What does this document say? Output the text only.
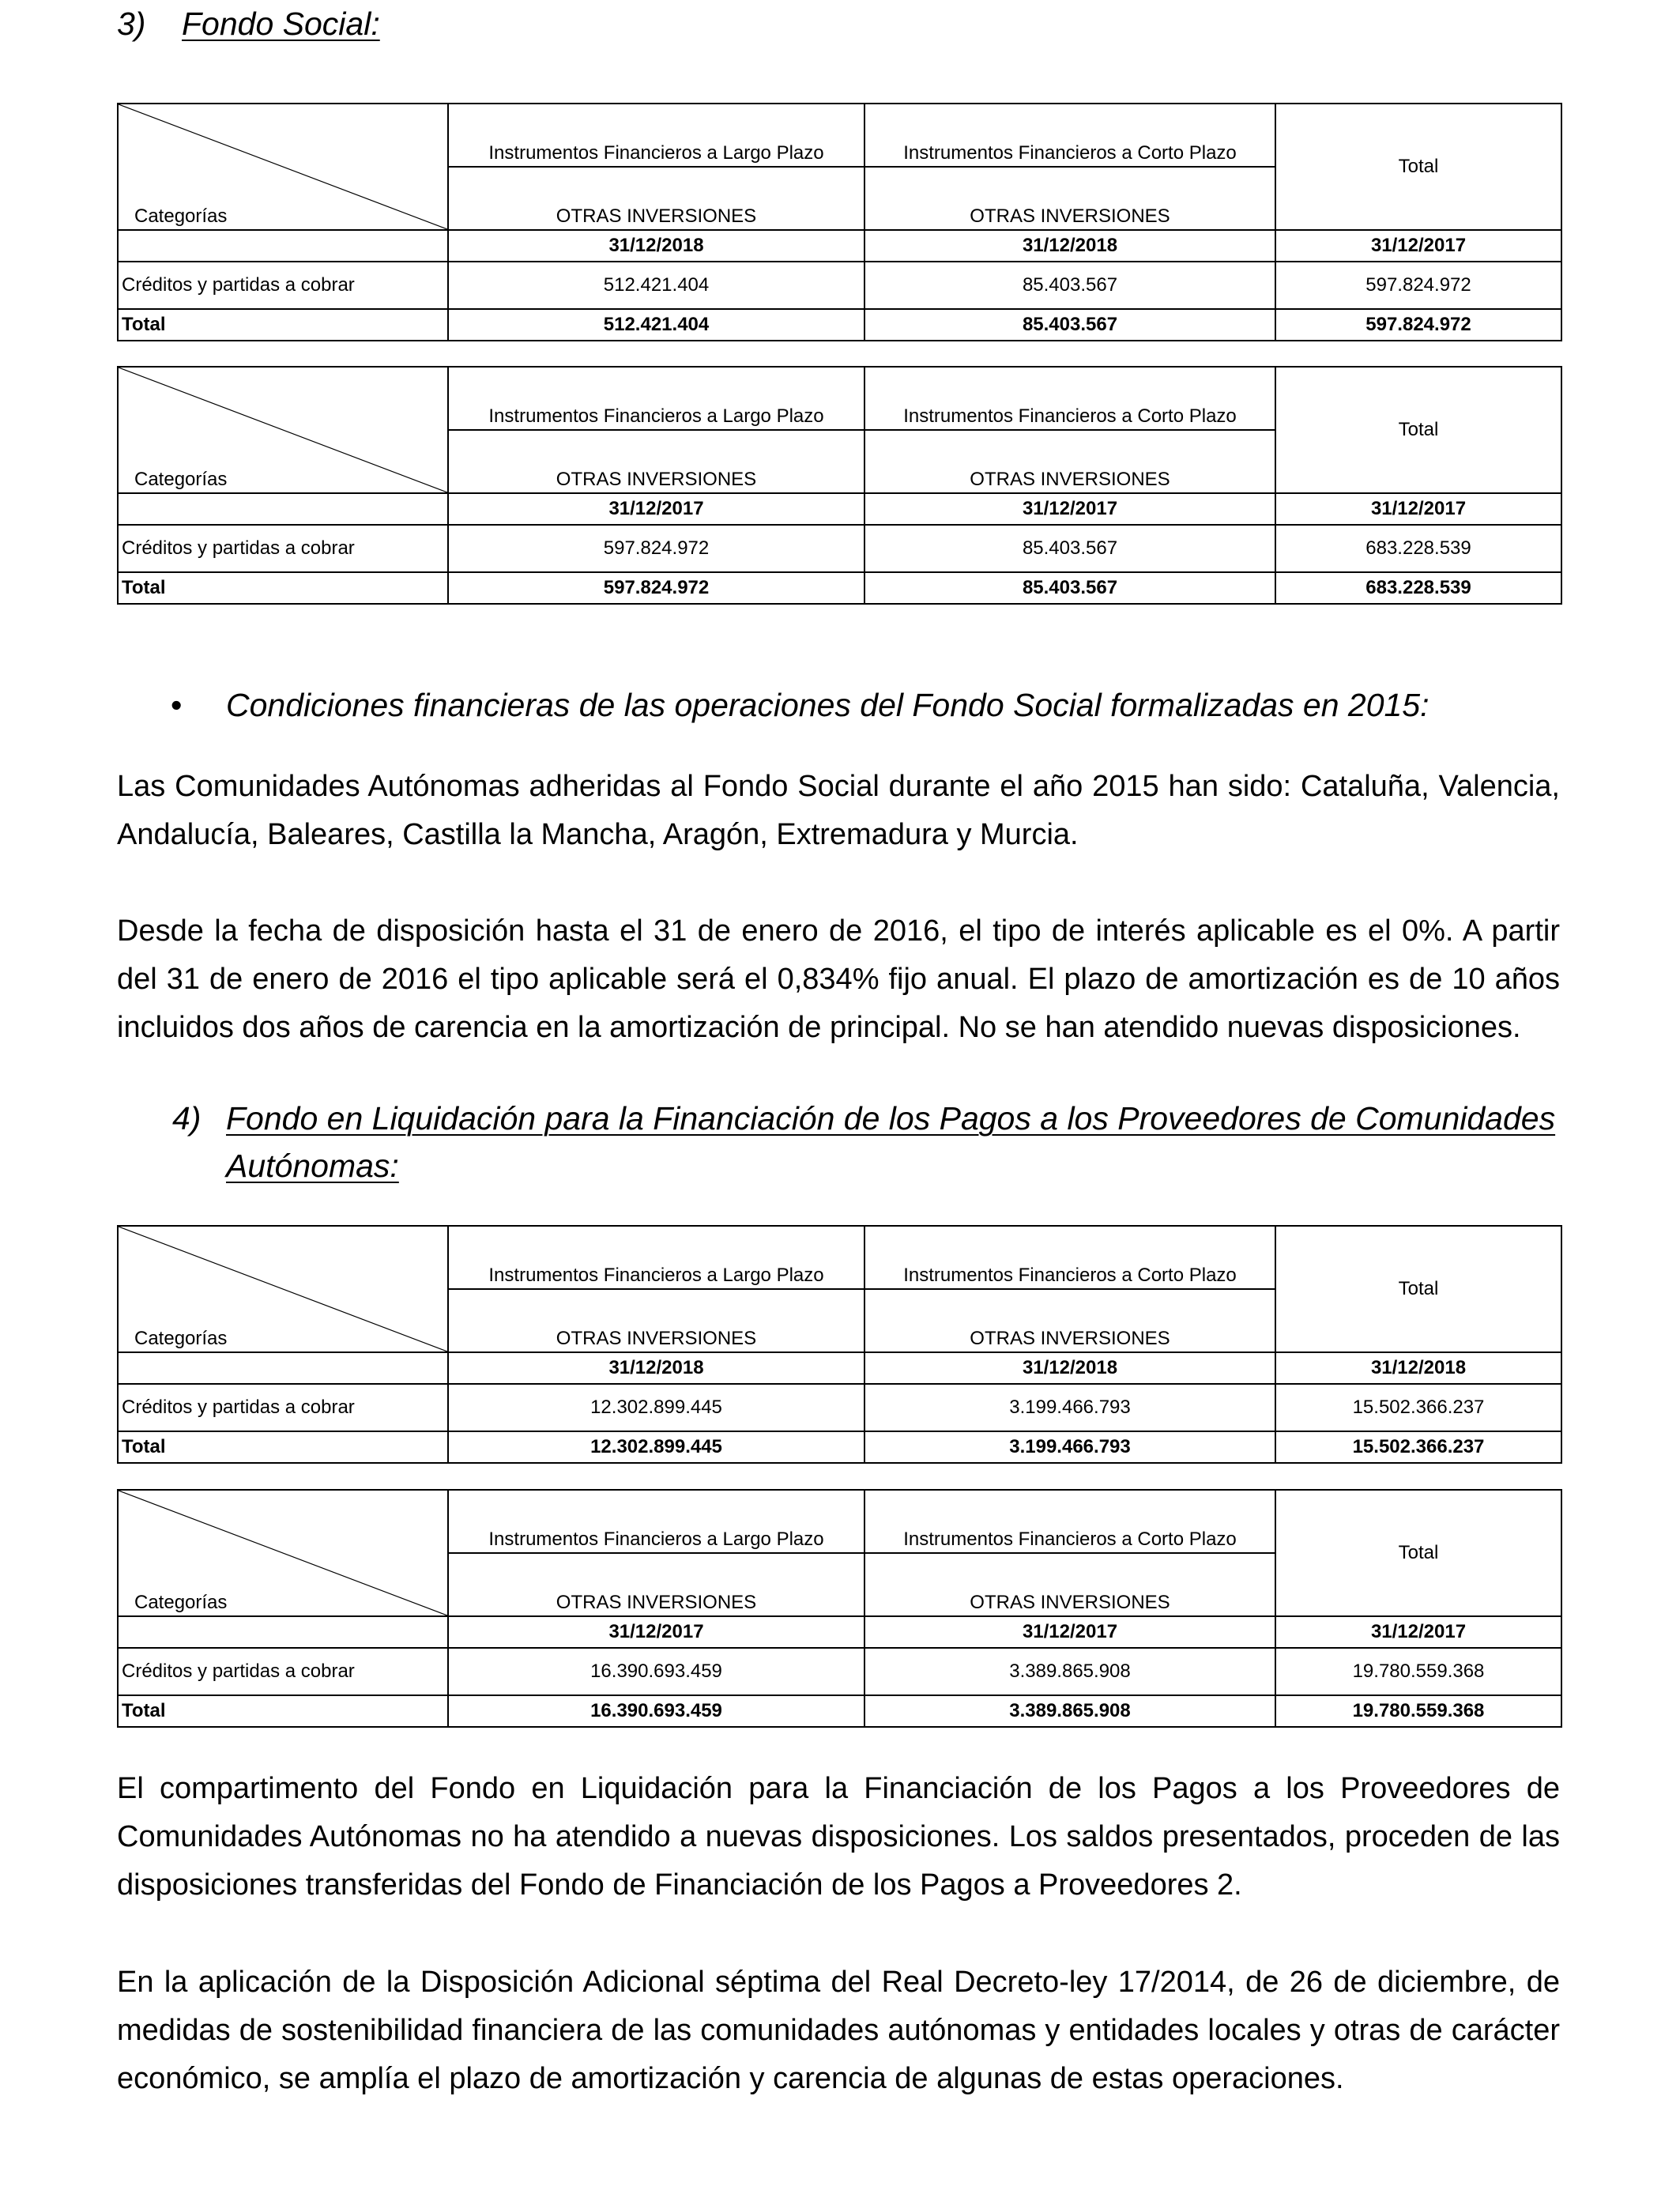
3) Fondo Social:
Categorías	Instrumentos Financieros a Largo Plazo	Instrumentos Financieros a Corto Plazo	Total
	OTRAS INVERSIONES	OTRAS INVERSIONES	
	31/12/2018	31/12/2018	31/12/2017
Créditos y partidas a cobrar	512.421.404	85.403.567	597.824.972
Total	512.421.404	85.403.567	597.824.972
Categorías	Instrumentos Financieros a Largo Plazo	Instrumentos Financieros a Corto Plazo	Total
	OTRAS INVERSIONES	OTRAS INVERSIONES	
	31/12/2017	31/12/2017	31/12/2017
Créditos y partidas a cobrar	597.824.972	85.403.567	683.228.539
Total	597.824.972	85.403.567	683.228.539
• Condiciones financieras de las operaciones del Fondo Social formalizadas en 2015:
Las Comunidades Autónomas adheridas al Fondo Social durante el año 2015 han sido: Cataluña, Valencia, Andalucía, Baleares, Castilla la Mancha, Aragón, Extremadura y Murcia.
Desde la fecha de disposición hasta el 31 de enero de 2016, el tipo de interés aplicable es el 0%. A partir del 31 de enero de 2016 el tipo aplicable será el 0,834% fijo anual. El plazo de amortización es de 10 años incluidos dos años de carencia en la amortización de principal. No se han atendido nuevas disposiciones.
4) Fondo en Liquidación para la Financiación de los Pagos a los Proveedores de Comunidades Autónomas:
Categorías	Instrumentos Financieros a Largo Plazo	Instrumentos Financieros a Corto Plazo	Total
	OTRAS INVERSIONES	OTRAS INVERSIONES	
	31/12/2018	31/12/2018	31/12/2018
Créditos y partidas a cobrar	12.302.899.445	3.199.466.793	15.502.366.237
Total	12.302.899.445	3.199.466.793	15.502.366.237
Categorías	Instrumentos Financieros a Largo Plazo	Instrumentos Financieros a Corto Plazo	Total
	OTRAS INVERSIONES	OTRAS INVERSIONES	
	31/12/2017	31/12/2017	31/12/2017
Créditos y partidas a cobrar	16.390.693.459	3.389.865.908	19.780.559.368
Total	16.390.693.459	3.389.865.908	19.780.559.368
El compartimento del Fondo en Liquidación para la Financiación de los Pagos a los Proveedores de Comunidades Autónomas no ha atendido a nuevas disposiciones. Los saldos presentados, proceden de las disposiciones transferidas del Fondo de Financiación de los Pagos a Proveedores 2.
En la aplicación de la Disposición Adicional séptima del Real Decreto-ley 17/2014, de 26 de diciembre, de medidas de sostenibilidad financiera de las comunidades autónomas y entidades locales y otras de carácter económico, se amplía el plazo de amortización y carencia de algunas de estas operaciones.
